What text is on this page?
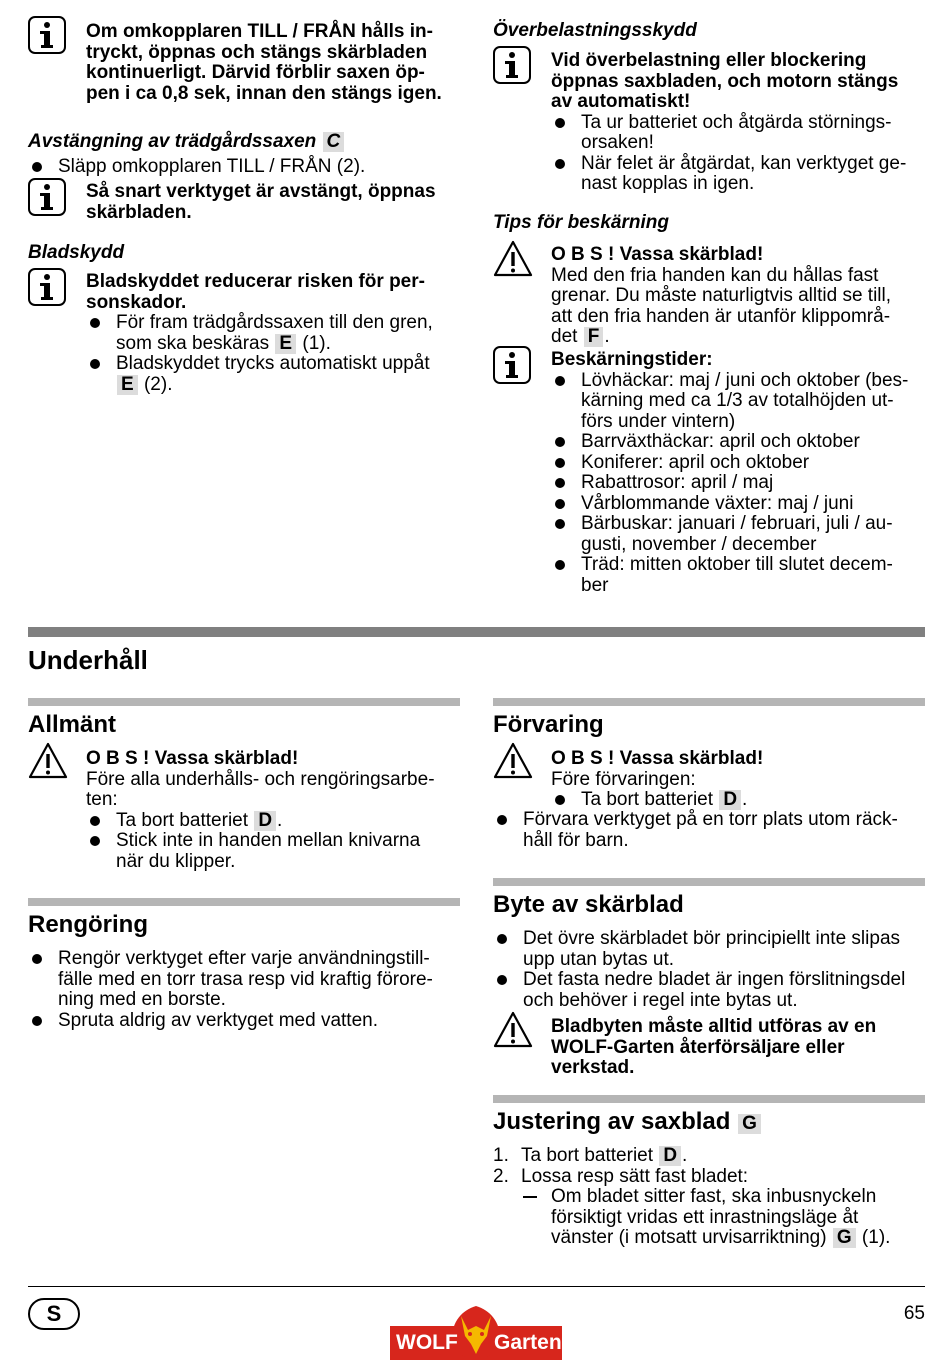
Om omkopplaren TILL / FRÅN hålls in-

tryckt, öppnas och stängs skärbladen

kontinuerligt. Därvid förblir saxen öp-

pen i ca 0,8 sek, innan den stängs igen.

Avstängning av trädgårdssaxen C
Släpp omkopplaren TILL / FRÅN (2).

Så snart verktyget är avstängt, öppnas

skärbladen.

Bladskydd

Bladskyddet reducerar risken för per-

sonskador.

För fram trädgårdssaxen till den gren,

som ska beskäras E (1).

Bladskyddet trycks automatiskt uppåt

E (2).

Överbelastningsskydd

Vid överbelastning eller blockering

öppnas saxbladen, och motorn stängs

av automatiskt!

Ta ur batteriet och åtgärda störnings-

orsaken!

När felet är åtgärdat, kan verktyget ge-

nast kopplas in igen.

Tips för beskärning

O B S ! Vassa skärblad!

Med den fria handen kan du hållas fast

grenar. Du måste naturligtvis alltid se till,

att den fria handen är utanför klippområ-

det F .

Beskärningstider:

Lövhäckar: maj / juni och oktober (bes-

kärning med ca 1/3 av totalhöjden ut-

förs under vintern)

Barrväxthäckar: april och oktober

Koniferer: april och oktober

Rabattrosor: april / maj

Vårblommande växter: maj / juni

Bärbuskar: januari / februari, juli / au-

gusti, november / december

Träd: mitten oktober till slutet decem-

ber

Underhåll
Allmänt

O B S ! Vassa skärblad!

Före alla underhålls- och rengöringsarbe-

ten:

Ta bort batteriet D .

Stick inte in handen mellan knivarna

när du klipper.

Rengöring

Rengör verktyget efter varje användningstill-

fälle med en torr trasa resp vid kraftig förore-

ning med en borste.

Spruta aldrig av verktyget med vatten.

Förvaring

O B S ! Vassa skärblad!

Före förvaringen:

Ta bort batteriet D .

Förvara verktyget på en torr plats utom räck-

håll för barn.

Byte av skärblad

Det övre skärbladet bör principiellt inte slipas

upp utan bytas ut.

Det fasta nedre bladet är ingen förslitningsdel

och behöver i regel inte bytas ut.

Bladbyten måste alltid utföras av en

WOLF-Garten återförsäljare eller

verkstad.

Justering av saxblad G
1. Ta bort batteriet D .

2. Lossa resp sätt fast bladet:

Om bladet sitter fast, ska inbusnyckeln

försiktigt vridas ett inrastningsläge åt

vänster (i motsatt urvisarriktning) G (1).

S	65
WOLF Garten
